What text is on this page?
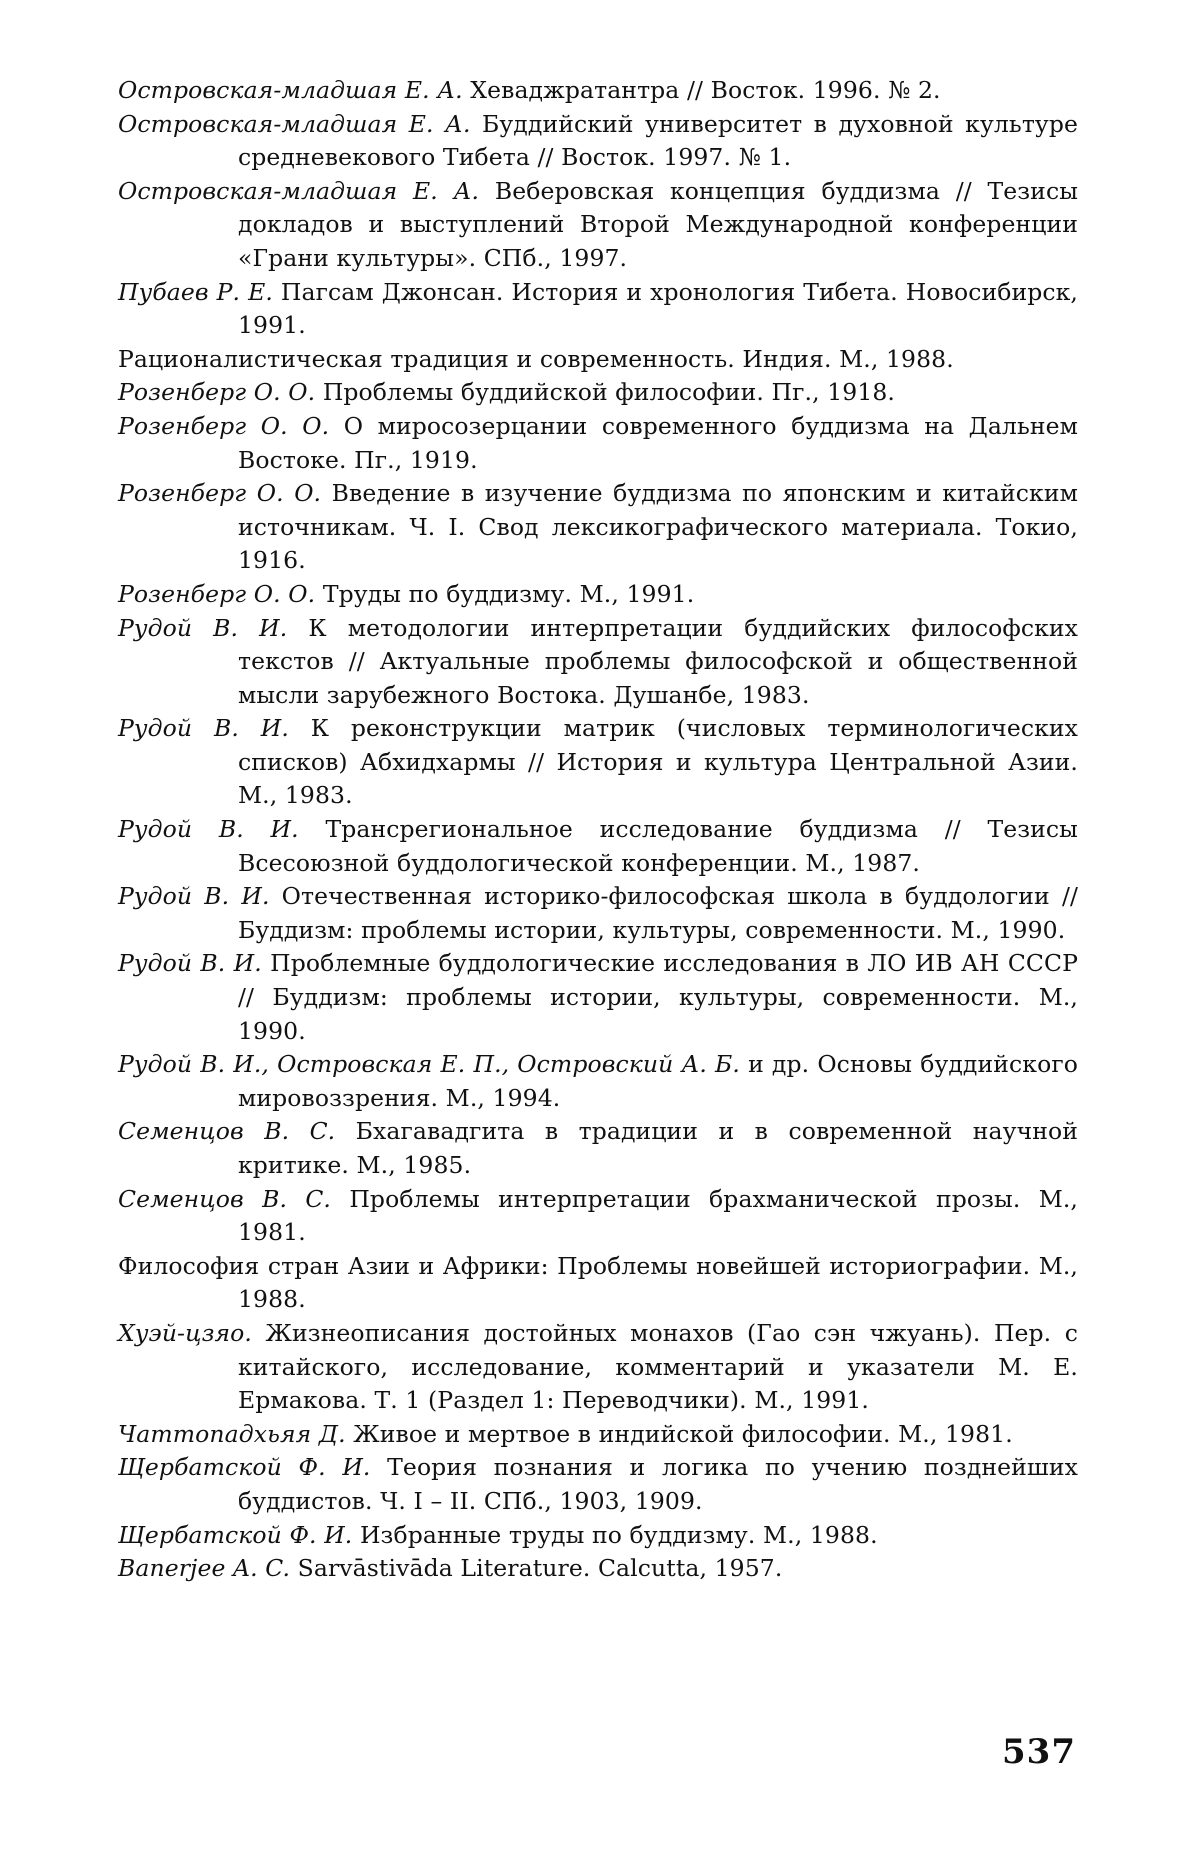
Островская-младшая Е. А. Хеваджратантра // Восток. 1996. № 2.

Островская-младшая Е. А. Буддийский университет в духовной культуре средневекового Тибета // Восток. 1997. № 1.

Островская-младшая Е. А. Веберовская концепция буддизма // Тезисы докладов и выступлений Второй Международной конференции «Грани культуры». СПб., 1997.

Пубаев Р. Е. Пагсам Джонсан. История и хронология Тибета. Новосибирск, 1991.

Рационалистическая традиция и современность. Индия. М., 1988.

Розенберг О. О. Проблемы буддийской философии. Пг., 1918.

Розенберг О. О. О миросозерцании современного буддизма на Дальнем Востоке. Пг., 1919.

Розенберг О. О. Введение в изучение буддизма по японским и китайским источникам. Ч. I. Свод лексикографического материала. Токио, 1916.

Розенберг О. О. Труды по буддизму. М., 1991.

Рудой В. И. К методологии интерпретации буддийских философских текстов // Актуальные проблемы философской и общественной мысли зарубежного Востока. Душанбе, 1983.

Рудой В. И. К реконструкции матрик (числовых терминологических списков) Абхидхармы // История и культура Центральной Азии. М., 1983.

Рудой В. И. Трансрегиональное исследование буддизма // Тезисы Всесоюзной буддологической конференции. М., 1987.

Рудой В. И. Отечественная историко-философская школа в буддологии // Буддизм: проблемы истории, культуры, современности. М., 1990.

Рудой В. И. Проблемные буддологические исследования в ЛО ИВ АН СССР // Буддизм: проблемы истории, культуры, современности. М., 1990.

Рудой В. И., Островская Е. П., Островский А. Б. и др. Основы буддийского мировоззрения. М., 1994.

Семенцов В. С. Бхагавадгита в традиции и в современной научной критике. М., 1985.

Семенцов В. С. Проблемы интерпретации брахманической прозы. М., 1981.

Философия стран Азии и Африки: Проблемы новейшей историографии. М., 1988.

Хуэй-цзяо. Жизнеописания достойных монахов (Гао сэн чжуань). Пер. с китайского, исследование, комментарий и указатели М. Е. Ермакова. Т. 1 (Раздел 1: Переводчики). М., 1991.

Чаттопадхьяя Д. Живое и мертвое в индийской философии. М., 1981.

Щербатской Ф. И. Теория познания и логика по учению позднейших буддистов. Ч. I – II. СПб., 1903, 1909.

Щербатской Ф. И. Избранные труды по буддизму. М., 1988.

Banerjee A. C. Sarvāstivāda Literature. Calcutta, 1957.

537
